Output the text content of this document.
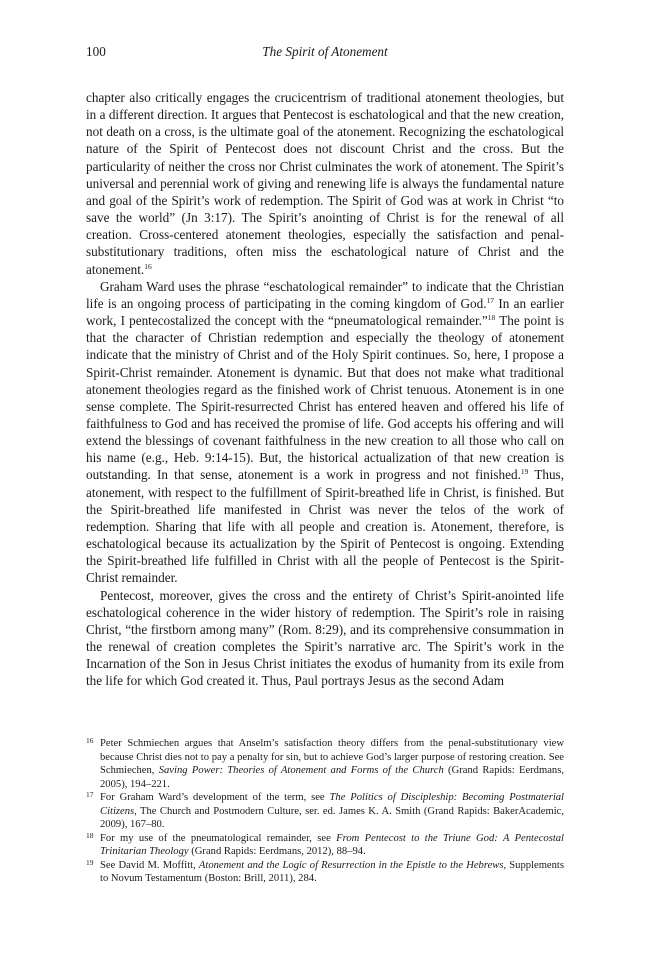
100	The Spirit of Atonement

chapter also critically engages the crucicentrism of traditional atonement theologies, but in a different direction. It argues that Pentecost is eschatological and that the new creation, not death on a cross, is the ultimate goal of the atonement. Recognizing the eschatological nature of the Spirit of Pentecost does not discount Christ and the cross. But the particularity of neither the cross nor Christ culminates the work of atonement. The Spirit’s universal and perennial work of giving and renewing life is always the fundamental nature and goal of the Spirit’s work of redemption. The Spirit of God was at work in Christ “to save the world” (Jn 3:17). The Spirit’s anointing of Christ is for the renewal of all creation. Cross-centered atonement theologies, especially the satisfaction and penal-substitutionary traditions, often miss the eschatological nature of Christ and the atonement.$^{16}$

Graham Ward uses the phrase “eschatological remainder” to indicate that the Christian life is an ongoing process of participating in the coming kingdom of God.$^{17}$ In an earlier work, I pentecostalized the concept with the “pneumatological remainder.”$^{18}$ The point is that the character of Christian redemption and especially the theology of atonement indicate that the ministry of Christ and of the Holy Spirit continues. So, here, I propose a Spirit-Christ remainder. Atonement is dynamic. But that does not make what traditional atonement theologies regard as the finished work of Christ tenuous. Atonement is in one sense complete. The Spirit-resurrected Christ has entered heaven and offered his life of faithfulness to God and has received the promise of life. God accepts his offering and will extend the blessings of covenant faithfulness in the new creation to all those who call on his name (e.g., Heb. 9:14-15). But, the historical actualization of that new creation is outstanding. In that sense, atonement is a work in progress and not finished.$^{19}$ Thus, atonement, with respect to the fulfillment of Spirit-breathed life in Christ, is finished. But the Spirit-breathed life manifested in Christ was never the telos of the work of redemption. Sharing that life with all people and creation is. Atonement, therefore, is eschatological because its actualization by the Spirit of Pentecost is ongoing. Extending the Spirit-breathed life fulfilled in Christ with all the people of Pentecost is the Spirit-Christ remainder.

Pentecost, moreover, gives the cross and the entirety of Christ’s Spirit-anointed life eschatological coherence in the wider history of redemption. The Spirit’s role in raising Christ, “the firstborn among many” (Rom. 8:29), and its comprehensive consummation in the renewal of creation completes the Spirit’s narrative arc. The Spirit’s work in the Incarnation of the Son in Jesus Christ initiates the exodus of humanity from its exile from the life for which God created it. Thus, Paul portrays Jesus as the second Adam

16 Peter Schmiechen argues that Anselm’s satisfaction theory differs from the penal-substitutionary view because Christ dies not to pay a penalty for sin, but to achieve God’s larger purpose of restoring creation. See Schmiechen, Saving Power: Theories of Atonement and Forms of the Church (Grand Rapids: Eerdmans, 2005), 194–221.

17 For Graham Ward’s development of the term, see The Politics of Discipleship: Becoming Postmaterial Citizens, The Church and Postmodern Culture, ser. ed. James K. A. Smith (Grand Rapids: BakerAcademic, 2009), 167–80.

18 For my use of the pneumatological remainder, see From Pentecost to the Triune God: A Pentecostal Trinitarian Theology (Grand Rapids: Eerdmans, 2012), 88–94.

19 See David M. Moffitt, Atonement and the Logic of Resurrection in the Epistle to the Hebrews, Supplements to Novum Testamentum (Boston: Brill, 2011), 284.
